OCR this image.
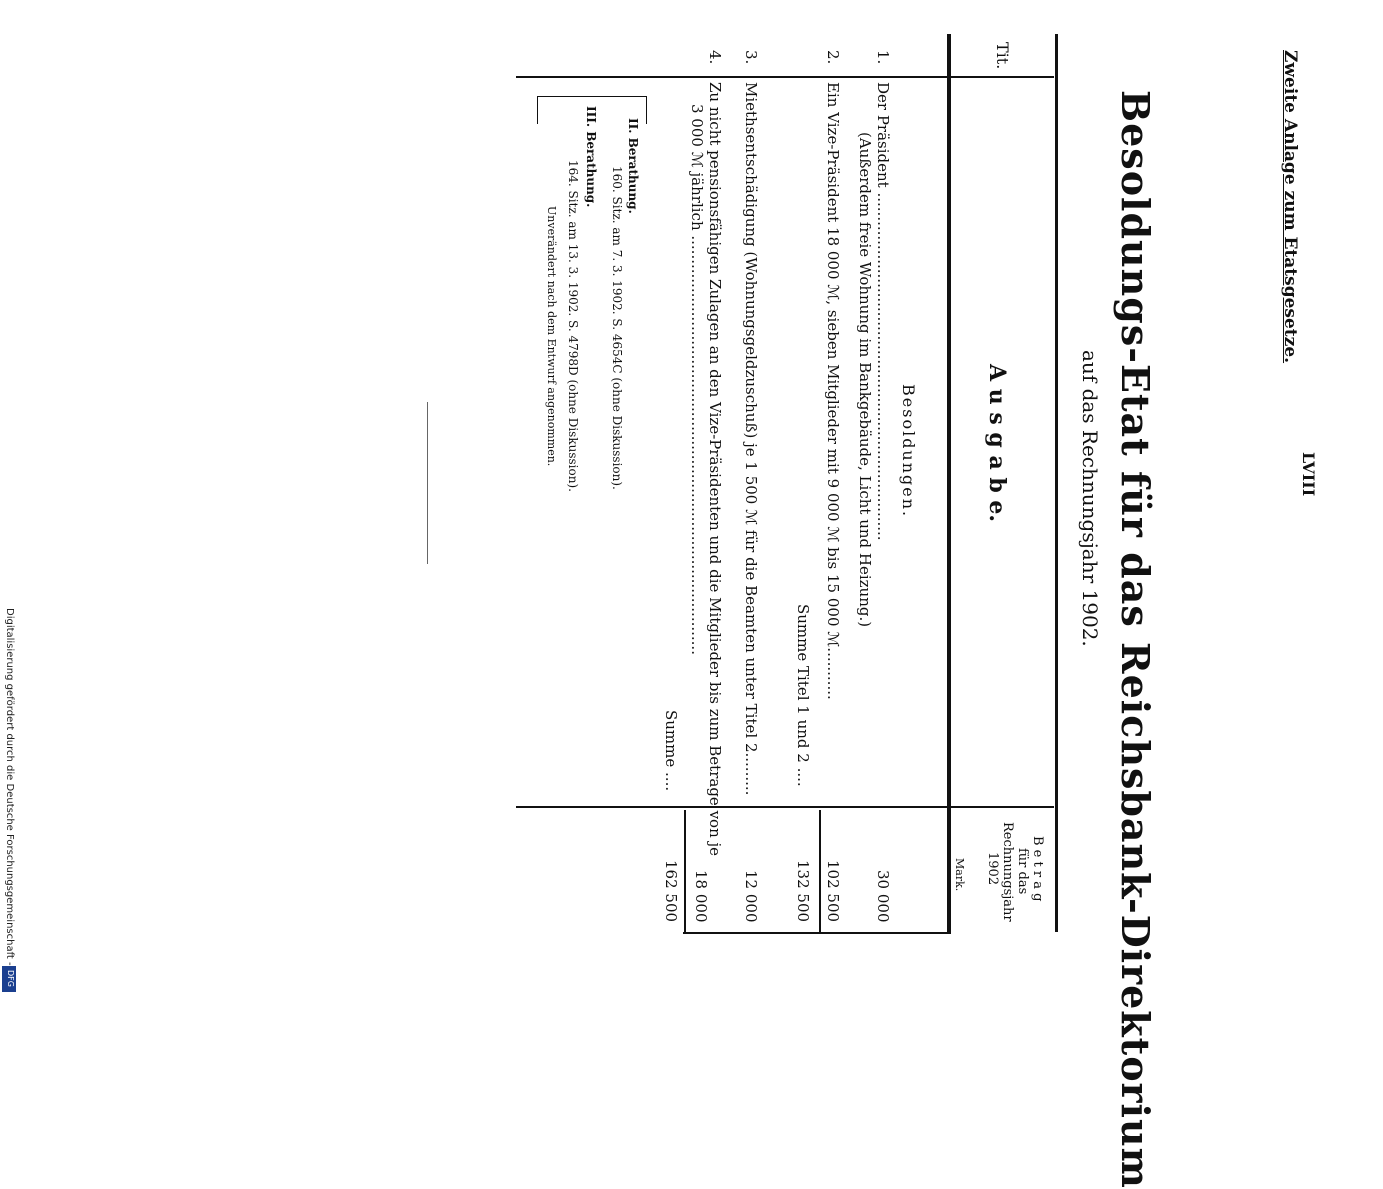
Zweite Anlage zum Etatsgesetze.
LVIII
Besoldungs-Etat für das Reichsbank-Direktorium
auf das Rechnungsjahr 1902.
Tit.
A u s g a b e.
B e t r a g
für das
Rechnungsjahr
1902
Mark.
Besoldungen.
1.
Der Präsident .........................................................................
(Außerdem freie Wohnung im Bankgebäude, Licht und Heizung.)
30 000
2.
Ein Vize-Präsident 18 000 ℳ, sieben Mitglieder mit 9 000 ℳ bis 15 000 ℳ...........
102 500
Summe Titel 1 und 2 ....
132 500
3.
Miethsentschädigung (Wohnungsgeldzuschuß) je 1 500 ℳ für die Beamten unter Titel 2.........
12 000
4.
Zu nicht pensionsfähigen Zulagen an den Vize-Präsidenten und die Mitglieder bis zum Betrage von je
3 000 ℳ jährlich ........................................................................................
18 000
Summe ....
162 500
II. Berathung.
160. Sitz. am 7. 3. 1902. S. 4654C (ohne Diskussion).
III. Berathung.
164. Sitz. am 13. 3. 1902. S. 4798D (ohne Diskussion).
Unverändert nach dem Entwurf angenommen.
Digitalisierung gefördert durch die Deutsche Forschungsgemeinschaft -
DFG
